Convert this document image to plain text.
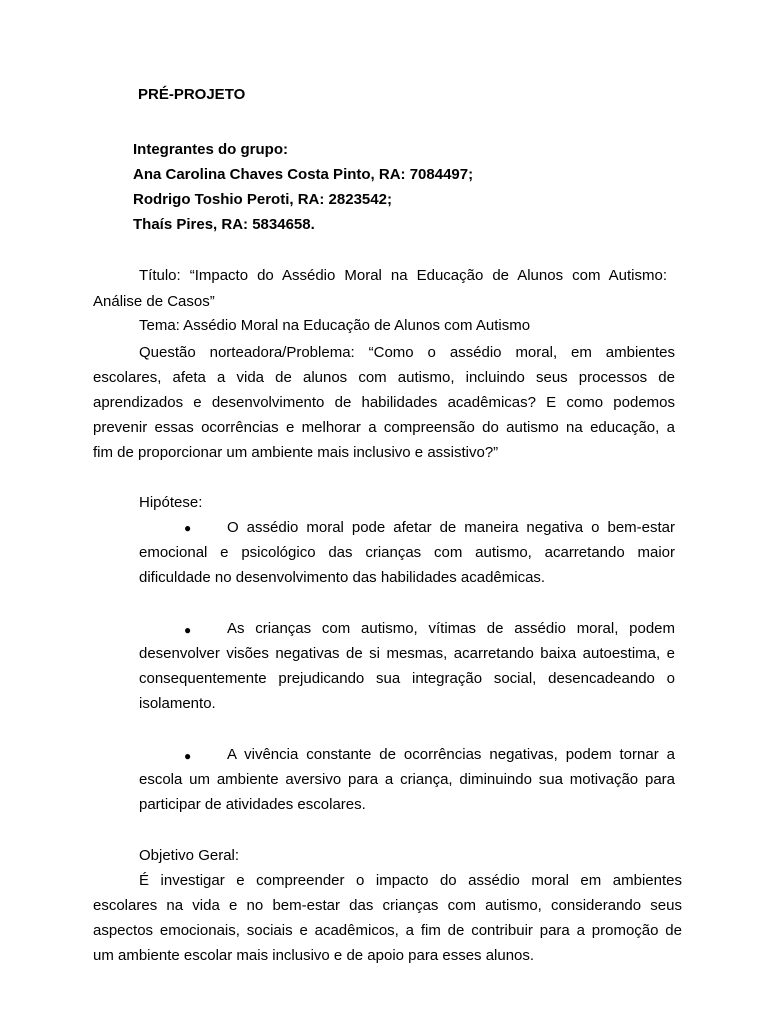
PRÉ-PROJETO
Integrantes do grupo:
Ana Carolina Chaves Costa Pinto, RA: 7084497;
Rodrigo Toshio Peroti, RA: 2823542;
Thaís Pires, RA: 5834658.
Título: “Impacto do Assédio Moral na Educação de Alunos com Autismo:
Análise de Casos”
Tema: Assédio Moral na Educação de Alunos com Autismo
Questão norteadora/Problema: “Como o assédio moral, em ambientes
escolares, afeta a vida de alunos com autismo, incluindo seus processos de
aprendizados e desenvolvimento de habilidades acadêmicas? E como podemos
prevenir essas ocorrências e melhorar a compreensão do autismo na educação, a
fim de proporcionar um ambiente mais inclusivo e assistivo?”
Hipótese:
● O assédio moral pode afetar de maneira negativa o bem-estar
emocional e psicológico das crianças com autismo, acarretando maior
dificuldade no desenvolvimento das habilidades acadêmicas.
● As crianças com autismo, vítimas de assédio moral, podem
desenvolver visões negativas de si mesmas, acarretando baixa autoestima, e
consequentemente prejudicando sua integração social, desencadeando o
isolamento.
● A vivência constante de ocorrências negativas, podem tornar a
escola um ambiente aversivo para a criança, diminuindo sua motivação para
participar de atividades escolares.
Objetivo Geral:
É investigar e compreender o impacto do assédio moral em ambientes
escolares na vida e no bem-estar das crianças com autismo, considerando seus
aspectos emocionais, sociais e acadêmicos, a fim de contribuir para a promoção de
um ambiente escolar mais inclusivo e de apoio para esses alunos.
